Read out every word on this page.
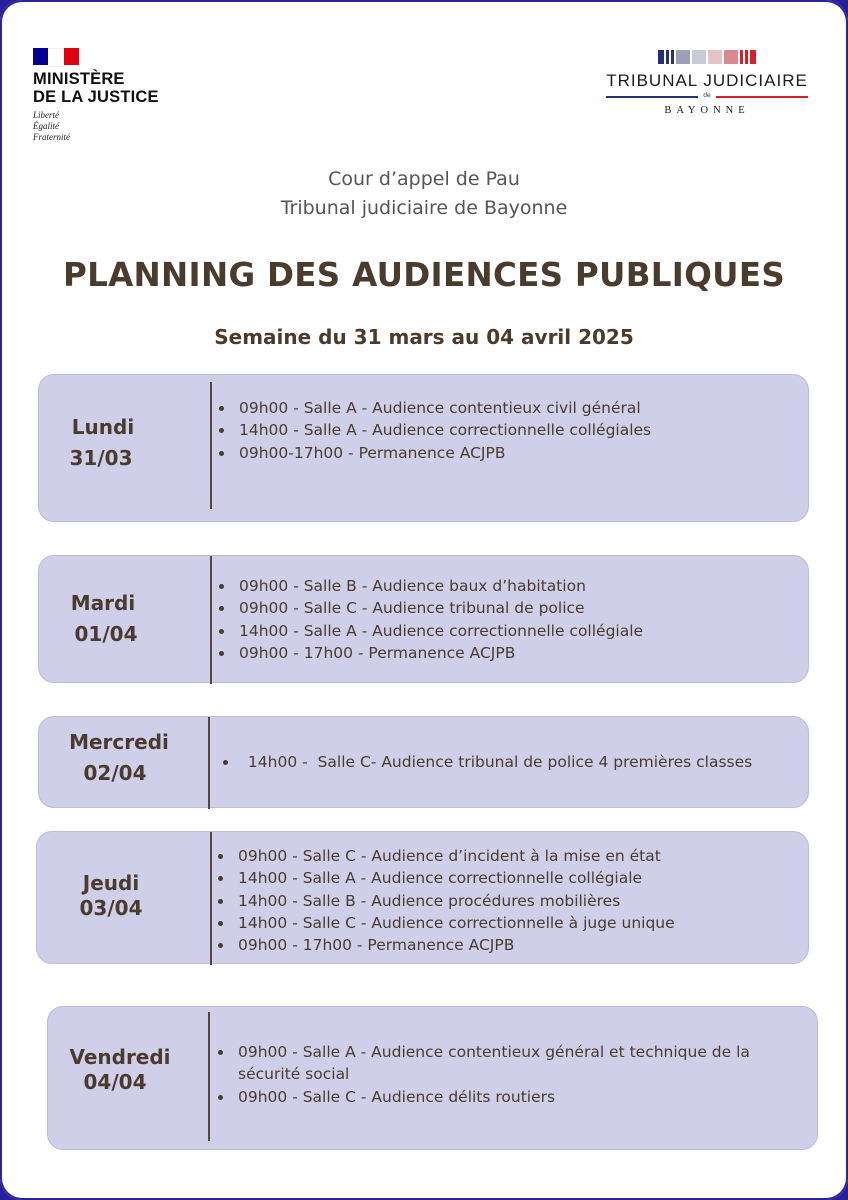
MINISTÈRE
DE LA JUSTICE
Liberté
Égalité
Fraternité
TRIBUNAL JUDICIAIRE
de
BAYONNE
Cour d’appel de Pau
Tribunal judiciaire de Bayonne
PLANNING DES AUDIENCES PUBLIQUES
Semaine du 31 mars au 04 avril 2025
Lundi
31/03
• 09h00 - Salle A - Audience contentieux civil général
• 14h00 - Salle A - Audience correctionnelle collégiales
• 09h00-17h00 - Permanence ACJPB
Mardi
01/04
• 09h00 - Salle B - Audience baux d’habitation
• 09h00 - Salle C - Audience tribunal de police
• 14h00 - Salle A - Audience correctionnelle collégiale
• 09h00 - 17h00 - Permanence ACJPB
Mercredi
02/04
•	14h00 -  Salle C- Audience tribunal de police 4 premières classes
Jeudi
03/04
• 09h00 - Salle C - Audience d’incident à la mise en état
• 14h00 - Salle A - Audience correctionnelle collégiale
• 14h00 - Salle B - Audience procédures mobilières
• 14h00 - Salle C - Audience correctionnelle à juge unique
• 09h00 - 17h00 - Permanence ACJPB
Vendredi
04/04
• 09h00 - Salle A - Audience contentieux général et technique de la sécurité social
• 09h00 - Salle C - Audience délits routiers
